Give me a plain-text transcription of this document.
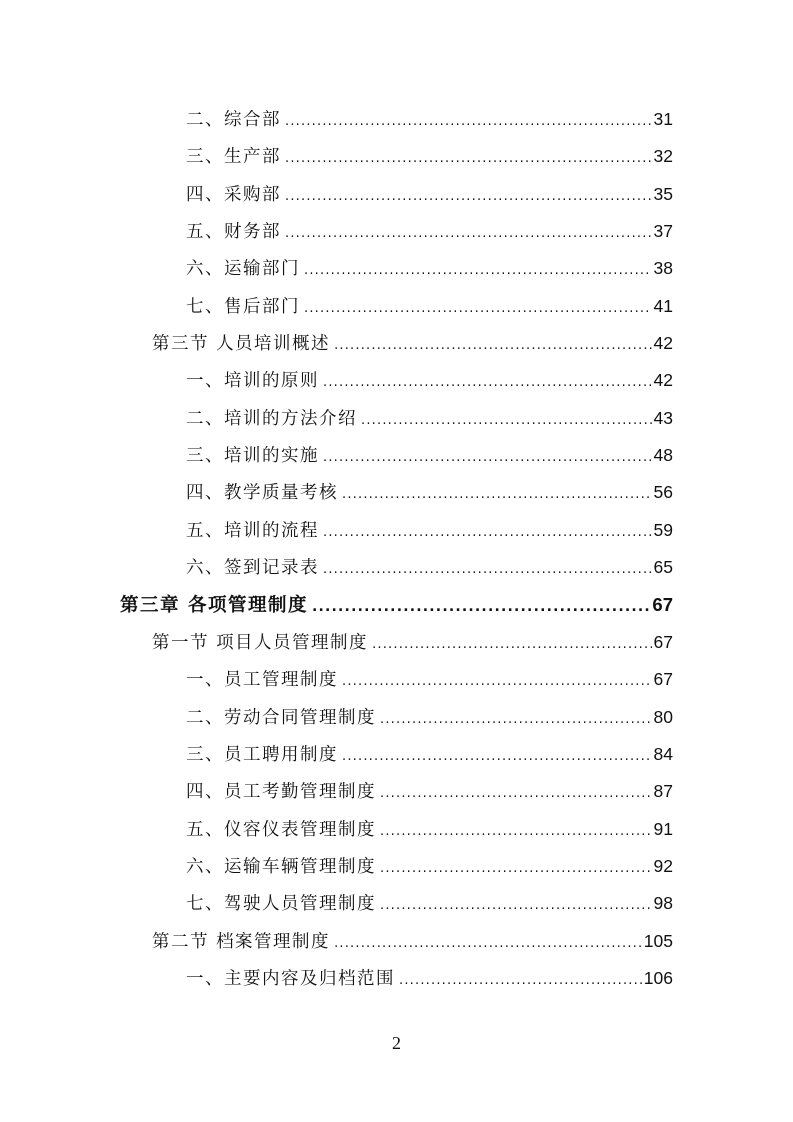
二、综合部 .....	31
三、生产部 .....	32
四、采购部 .....	35
五、财务部 .....	37
六、运输部门 .....	38
七、售后部门 .....	41
第三节 人员培训概述 .....	42
一、培训的原则 .....	42
二、培训的方法介绍 .....	43
三、培训的实施 .....	48
四、教学质量考核 .....	56
五、培训的流程 .....	59
六、签到记录表 .....	65
第三章 各项管理制度 .....	67
第一节 项目人员管理制度 .....	67
一、员工管理制度 .....	67
二、劳动合同管理制度 .....	80
三、员工聘用制度 .....	84
四、员工考勤管理制度 .....	87
五、仪容仪表管理制度 .....	91
六、运输车辆管理制度 .....	92
七、驾驶人员管理制度 .....	98
第二节 档案管理制度 .....	105
一、主要内容及归档范围 .....	106
2
